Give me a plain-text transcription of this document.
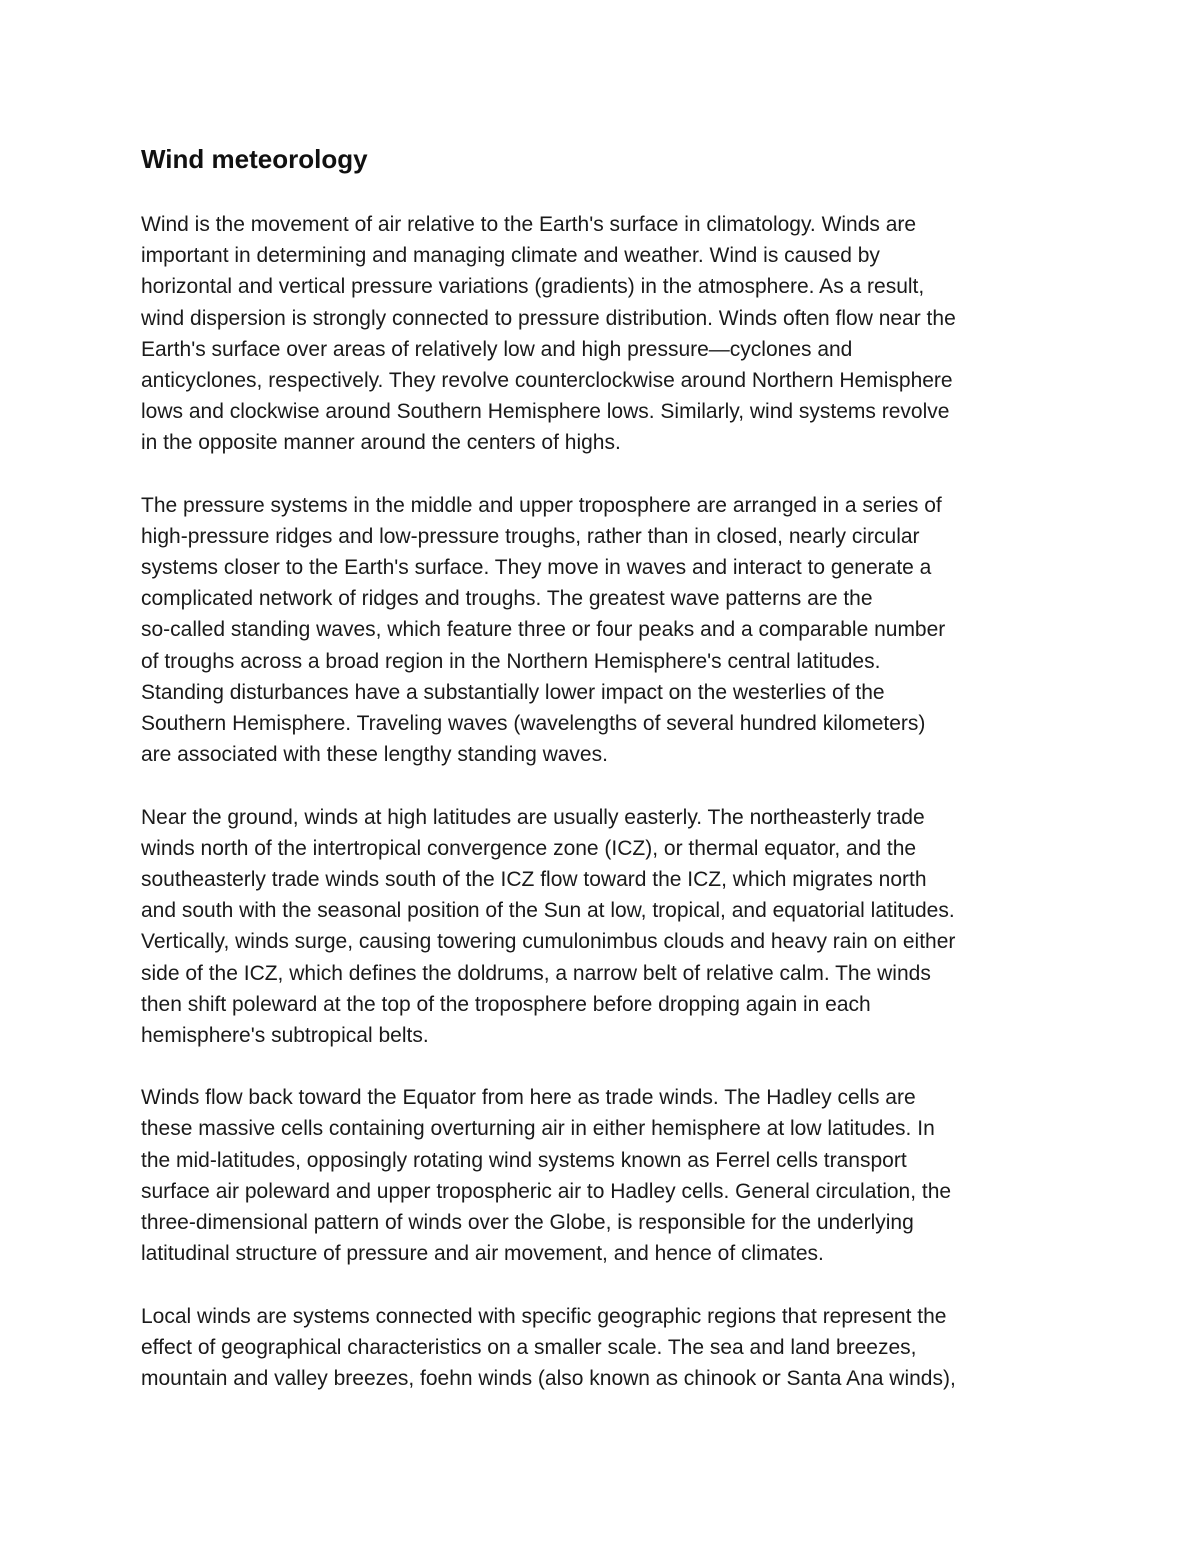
Wind meteorology
Wind is the movement of air relative to the Earth's surface in climatology. Winds are
important in determining and managing climate and weather. Wind is caused by
horizontal and vertical pressure variations (gradients) in the atmosphere. As a result,
wind dispersion is strongly connected to pressure distribution. Winds often flow near the
Earth's surface over areas of relatively low and high pressure—cyclones and
anticyclones, respectively. They revolve counterclockwise around Northern Hemisphere
lows and clockwise around Southern Hemisphere lows. Similarly, wind systems revolve
in the opposite manner around the centers of highs.
The pressure systems in the middle and upper troposphere are arranged in a series of
high-pressure ridges and low-pressure troughs, rather than in closed, nearly circular
systems closer to the Earth's surface. They move in waves and interact to generate a
complicated network of ridges and troughs. The greatest wave patterns are the
so-called standing waves, which feature three or four peaks and a comparable number
of troughs across a broad region in the Northern Hemisphere's central latitudes.
Standing disturbances have a substantially lower impact on the westerlies of the
Southern Hemisphere. Traveling waves (wavelengths of several hundred kilometers)
are associated with these lengthy standing waves.
Near the ground, winds at high latitudes are usually easterly. The northeasterly trade
winds north of the intertropical convergence zone (ICZ), or thermal equator, and the
southeasterly trade winds south of the ICZ flow toward the ICZ, which migrates north
and south with the seasonal position of the Sun at low, tropical, and equatorial latitudes.
Vertically, winds surge, causing towering cumulonimbus clouds and heavy rain on either
side of the ICZ, which defines the doldrums, a narrow belt of relative calm. The winds
then shift poleward at the top of the troposphere before dropping again in each
hemisphere's subtropical belts.
Winds flow back toward the Equator from here as trade winds. The Hadley cells are
these massive cells containing overturning air in either hemisphere at low latitudes. In
the mid-latitudes, opposingly rotating wind systems known as Ferrel cells transport
surface air poleward and upper tropospheric air to Hadley cells. General circulation, the
three-dimensional pattern of winds over the Globe, is responsible for the underlying
latitudinal structure of pressure and air movement, and hence of climates.
Local winds are systems connected with specific geographic regions that represent the
effect of geographical characteristics on a smaller scale. The sea and land breezes,
mountain and valley breezes, foehn winds (also known as chinook or Santa Ana winds),
